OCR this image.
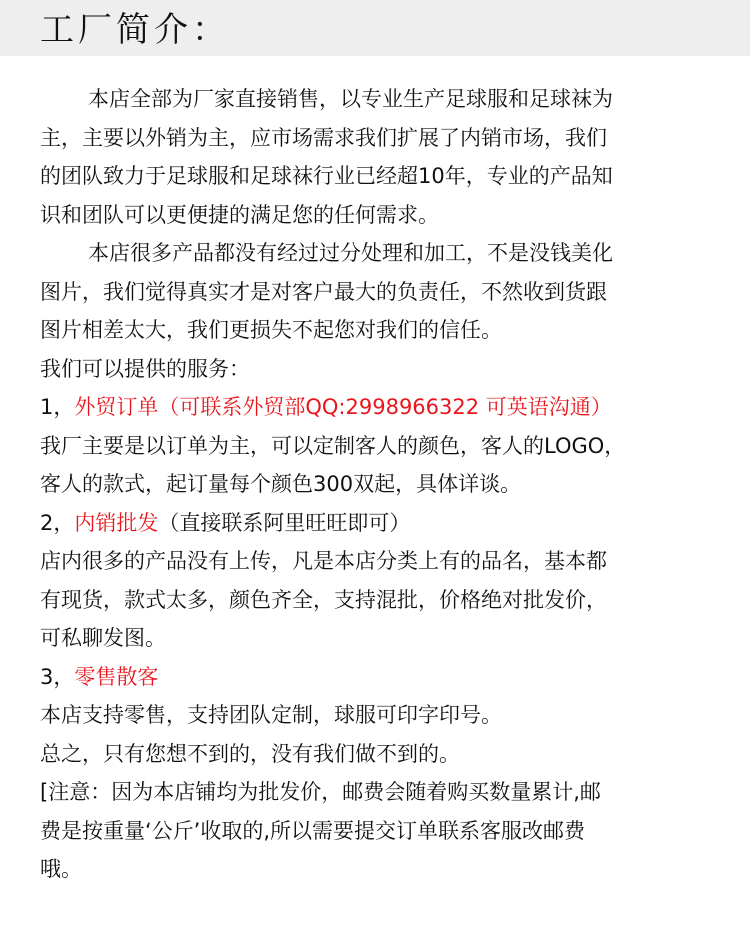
工厂简介：
本店全部为厂家直接销售，以专业生产足球服和足球袜为
主，主要以外销为主，应市场需求我们扩展了内销市场，我们
的团队致力于足球服和足球袜行业已经超10年，专业的产品知
识和团队可以更便捷的满足您的任何需求。
本店很多产品都没有经过过分处理和加工，不是没钱美化
图片，我们觉得真实才是对客户最大的负责任，不然收到货跟
图片相差太大，我们更损失不起您对我们的信任。
我们可以提供的服务：
1，外贸订单（可联系外贸部QQ:2998966322 可英语沟通）
我厂主要是以订单为主，可以定制客人的颜色，客人的LOGO，
客人的款式，起订量每个颜色300双起，具体详谈。
2，内销批发（直接联系阿里旺旺即可）
店内很多的产品没有上传，凡是本店分类上有的品名，基本都
有现货，款式太多，颜色齐全，支持混批，价格绝对批发价，
可私聊发图。
3，零售散客
本店支持零售，支持团队定制，球服可印字印号。
总之，只有您想不到的，没有我们做不到的。
[注意：因为本店铺均为批发价，邮费会随着购买数量累计,邮
费是按重量‘公斤’收取的,所以需要提交订单联系客服改邮费
哦。
